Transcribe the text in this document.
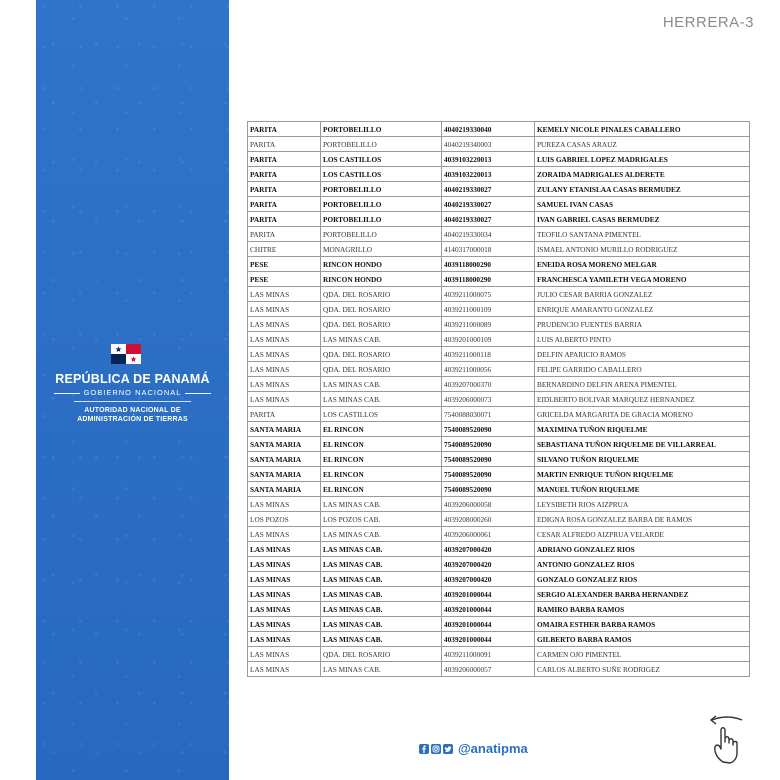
REPÚBLICA DE PANAMÁ
GOBIERNO NACIONAL
AUTORIDAD NACIONAL DE
ADMINISTRACIÓN DE TIERRAS
HERRERA-3
PARITA	PORTOBELILLO	4040219330040	KEMELY NICOLE PINALES CABALLERO
PARITA	PORTOBELILLO	4040219340003	PUREZA CASAS ARAUZ
PARITA	LOS CASTILLOS	4039103220013	LUIS GABRIEL LOPEZ MADRIGALES
PARITA	LOS CASTILLOS	4039103220013	ZORAIDA MADRIGALES ALDERETE
PARITA	PORTOBELILLO	4040219330027	ZULANY ETANISLAA CASAS BERMUDEZ
PARITA	PORTOBELILLO	4040219330027	SAMUEL IVAN CASAS
PARITA	PORTOBELILLO	4040219330027	IVAN GABRIEL CASAS BERMUDEZ
PARITA	PORTOBELILLO	4040219330034	TEOFILO SANTANA PIMENTEL
CHITRE	MONAGRILLO	4140317000018	ISMAEL ANTONIO MURILLO RODRIGUEZ
PESE	RINCON HONDO	4039118000290	ENEIDA ROSA MORENO MELGAR
PESE	RINCON HONDO	4039118000290	FRANCHESCA YAMILETH VEGA MORENO
LAS MINAS	QDA. DEL ROSARIO	4039211000075	JULIO CESAR BARRIA GONZALEZ
LAS MINAS	QDA. DEL ROSARIO	4039211000109	ENRIQUE AMARANTO GONZALEZ
LAS MINAS	QDA. DEL ROSARIO	4039211000089	PRUDENCIO FUENTES BARRIA
LAS MINAS	LAS MINAS CAB.	4039201000109	LUIS ALBERTO PINTO
LAS MINAS	QDA. DEL ROSARIO	4039211000118	DELFIN APARICIO RAMOS
LAS MINAS	QDA. DEL ROSARIO	4039211000056	FELIPE GARRIDO CABALLERO
LAS MINAS	LAS MINAS CAB.	4039207000370	BERNARDINO DELFIN ARENA PIMENTEL
LAS MINAS	LAS MINAS CAB.	4039206000073	EIDLBERTO BOLIVAR MARQUEZ HERNANDEZ
PARITA	LOS CASTILLOS	7540088030071	GRICELDA MARGARITA DE GRACIA MORENO
SANTA MARIA	EL RINCON	7540089520090	MAXIMINA TUÑON RIQUELME
SANTA MARIA	EL RINCON	7540089520090	SEBASTIANA TUÑON RIQUELME DE VILLARREAL
SANTA MARIA	EL RINCON	7540089520090	SILVANO TUÑON RIQUELME
SANTA MARIA	EL RINCON	7540089520090	MARTIN ENRIQUE TUÑON RIQUELME
SANTA MARIA	EL RINCON	7540089520090	MANUEL TUÑON RIQUELME
LAS MINAS	LAS MINAS CAB.	4039206000058	LEYSIBETH RIOS AIZPRUA
LOS POZOS	LOS POZOS CAB.	4039208000260	EDIGNA ROSA GONZALEZ BARBA DE RAMOS
LAS MINAS	LAS MINAS CAB.	4039206000061	CESAR ALFREDO AIZPRUA VELARDE
LAS MINAS	LAS MINAS CAB.	4039207000420	ADRIANO GONZALEZ RIOS
LAS MINAS	LAS MINAS CAB.	4039207000420	ANTONIO GONZALEZ RIOS
LAS MINAS	LAS MINAS CAB.	4039207000420	GONZALO GONZALEZ RIOS
LAS MINAS	LAS MINAS CAB.	4039201000044	SERGIO ALEXANDER BARBA HERNANDEZ
LAS MINAS	LAS MINAS CAB.	4039201000044	RAMIRO BARBA RAMOS
LAS MINAS	LAS MINAS CAB.	4039201000044	OMAIRA ESTHER BARBA RAMOS
LAS MINAS	LAS MINAS CAB.	4039201000044	GILBERTO BARBA RAMOS
LAS MINAS	QDA. DEL ROSARIO	4039211000091	CARMEN OJO PIMENTEL
LAS MINAS	LAS MINAS CAB.	4039206000057	CARLOS ALBERTO SUÑE RODRIGEZ
@anatipma
